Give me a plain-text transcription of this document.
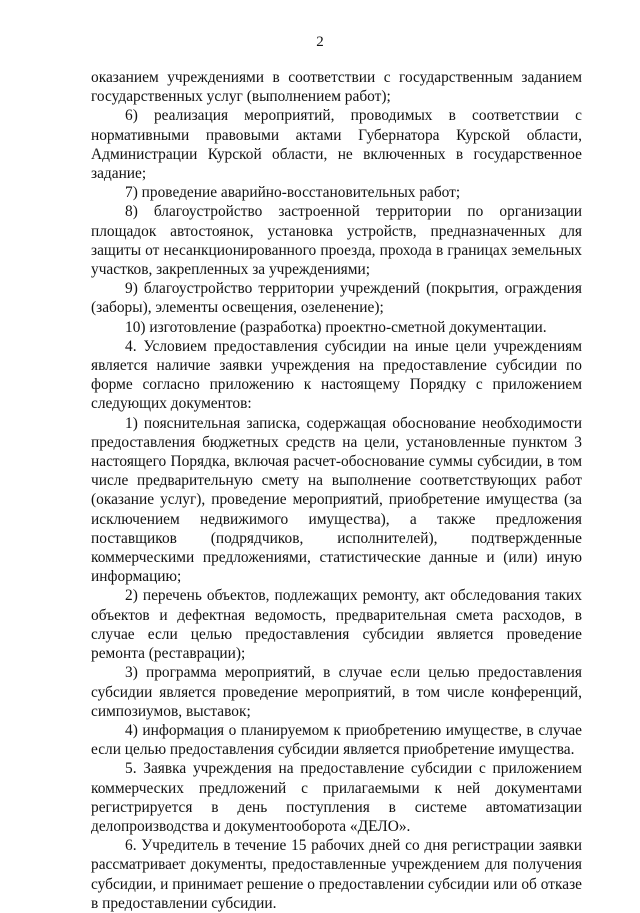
2

оказанием учреждениями в соответствии с государственным заданием государственных услуг (выполнением работ);

6) реализация мероприятий, проводимых в соответствии с нормативными правовыми актами Губернатора Курской области, Администрации Курской области, не включенных в государственное задание;

7) проведение аварийно-восстановительных работ;

8) благоустройство застроенной территории по организации площадок автостоянок, установка устройств, предназначенных для защиты от несанкционированного проезда, прохода в границах земельных участков, закрепленных за учреждениями;

9) благоустройство территории учреждений (покрытия, ограждения (заборы), элементы освещения, озеленение);

10) изготовление (разработка) проектно-сметной документации.

4. Условием предоставления субсидии на иные цели учреждениям является наличие заявки учреждения на предоставление субсидии по форме согласно приложению к настоящему Порядку с приложением следующих документов:

1) пояснительная записка, содержащая обоснование необходимости предоставления бюджетных средств на цели, установленные пунктом 3 настоящего Порядка, включая расчет-обоснование суммы субсидии, в том числе предварительную смету на выполнение соответствующих работ (оказание услуг), проведение мероприятий, приобретение имущества (за исключением недвижимого имущества), а также предложения поставщиков (подрядчиков, исполнителей), подтвержденные коммерческими предложениями, статистические данные и (или) иную информацию;

2) перечень объектов, подлежащих ремонту, акт обследования таких объектов и дефектная ведомость, предварительная смета расходов, в случае если целью предоставления субсидии является проведение ремонта (реставрации);

3) программа мероприятий, в случае если целью предоставления субсидии является проведение мероприятий, в том числе конференций, симпозиумов, выставок;

4) информация о планируемом к приобретению имуществе, в случае если целью предоставления субсидии является приобретение имущества.

5. Заявка учреждения на предоставление субсидии с приложением коммерческих предложений с прилагаемыми к ней документами регистрируется в день поступления в системе автоматизации делопроизводства и документооборота «ДЕЛО».

6. Учредитель в течение 15 рабочих дней со дня регистрации заявки рассматривает документы, предоставленные учреждением для получения субсидии, и принимает решение о предоставлении субсидии или об отказе в предоставлении субсидии.
